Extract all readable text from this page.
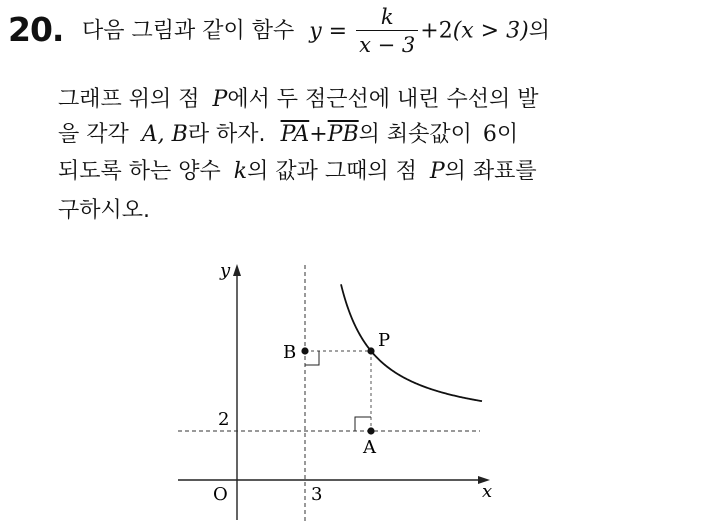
20. 다음 그림과 같이 함수 $y = \frac{k}{x - 3} +2(x > 3)$의
그래프 위의 점 P에서 두 점근선에 내린 수선의 발
을 각각 A, B라 하자. $\overline{PA}+\overline{PB}$의 최솟값이 6이
되도록 하는 양수 k의 값과 그때의 점 P의 좌표를
구하시오.
y
x
O	3
2
P
B
A
